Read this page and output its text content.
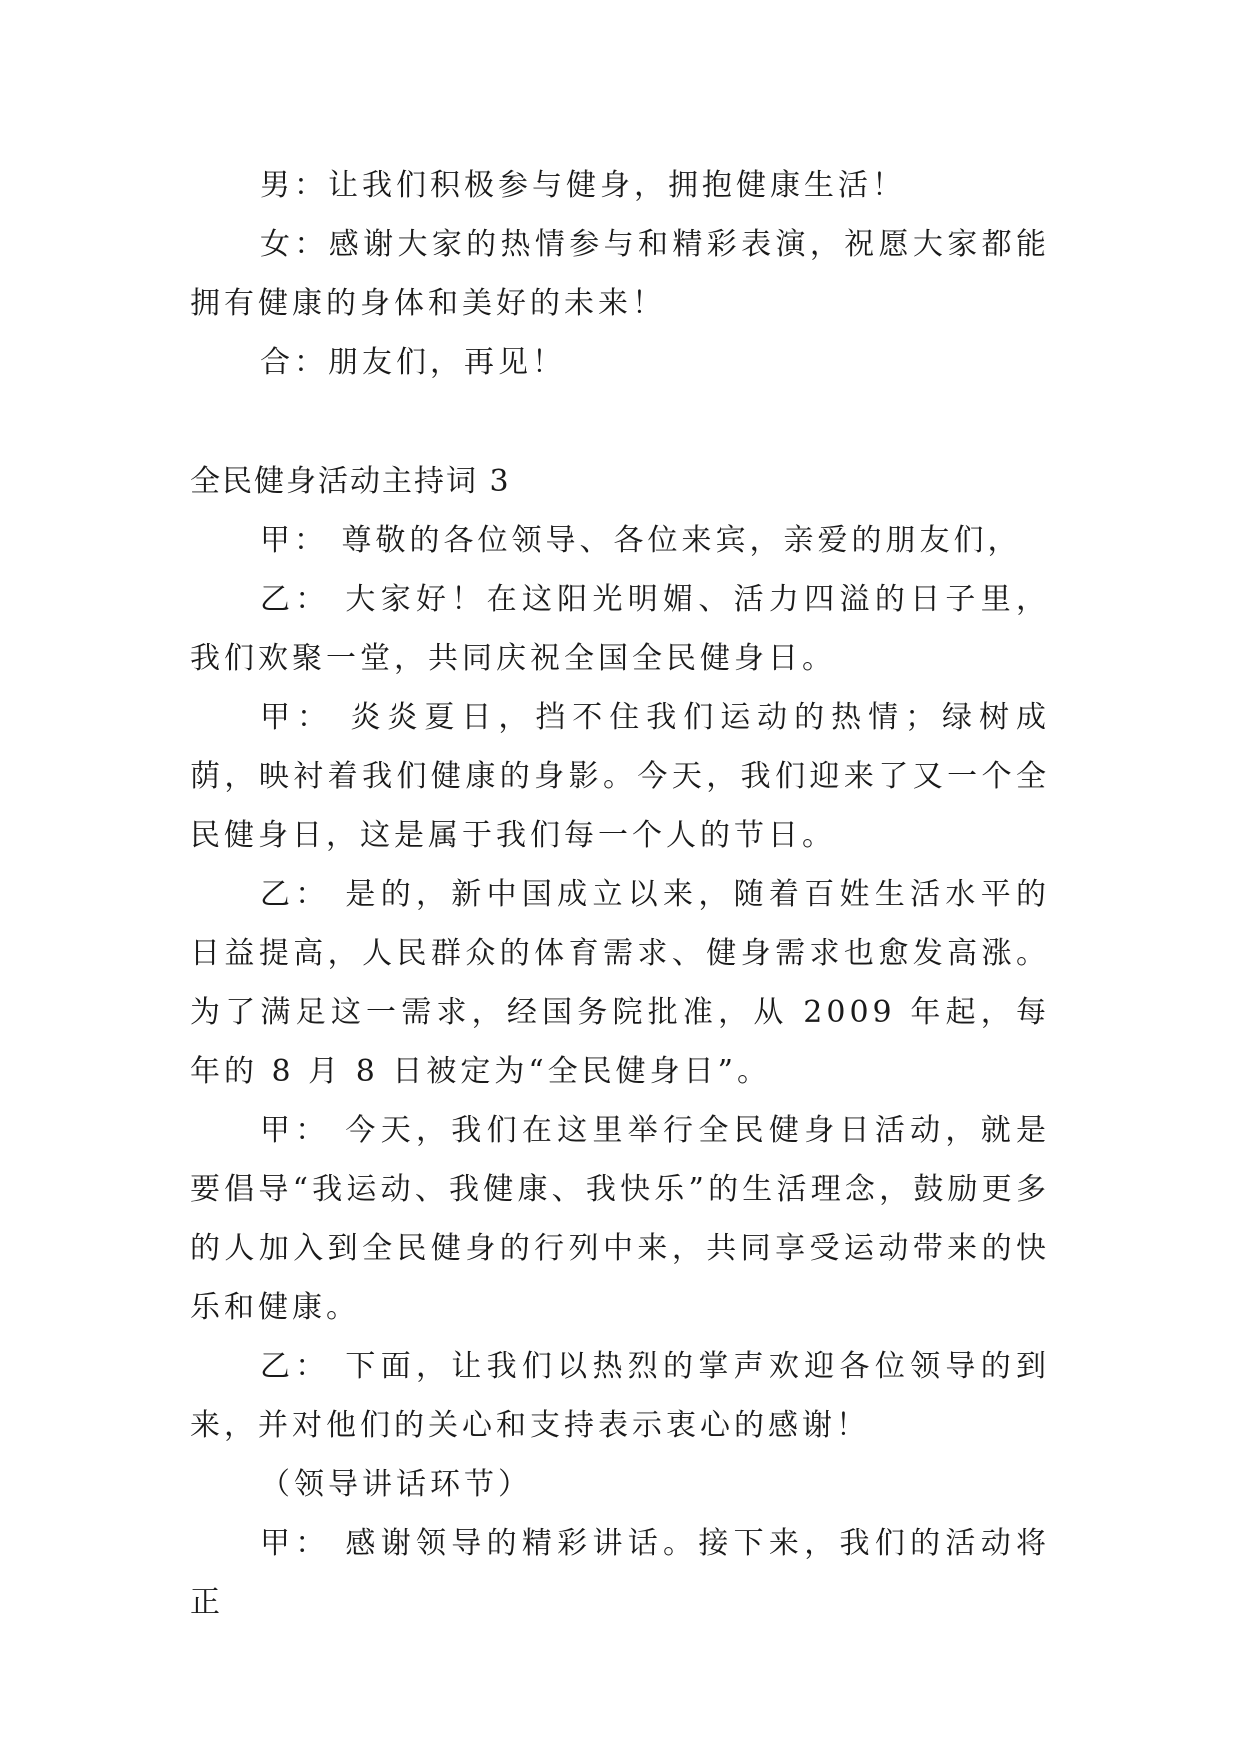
男：让我们积极参与健身，拥抱健康生活！

女：感谢大家的热情参与和精彩表演，祝愿大家都能拥有健康的身体和美好的未来！

合：朋友们，再见！

全民健身活动主持词 3

甲： 尊敬的各位领导、各位来宾，亲爱的朋友们，

乙： 大家好！在这阳光明媚、活力四溢的日子里，我们欢聚一堂，共同庆祝全国全民健身日。

甲： 炎炎夏日，挡不住我们运动的热情；绿树成荫，映衬着我们健康的身影。今天，我们迎来了又一个全民健身日，这是属于我们每一个人的节日。

乙： 是的，新中国成立以来，随着百姓生活水平的日益提高，人民群众的体育需求、健身需求也愈发高涨。为了满足这一需求，经国务院批准，从 2009 年起，每年的 8 月 8 日被定为“全民健身日”。

甲： 今天，我们在这里举行全民健身日活动，就是要倡导“我运动、我健康、我快乐”的生活理念，鼓励更多的人加入到全民健身的行列中来，共同享受运动带来的快乐和健康。

乙： 下面，让我们以热烈的掌声欢迎各位领导的到来，并对他们的关心和支持表示衷心的感谢！

（领导讲话环节）

甲： 感谢领导的精彩讲话。接下来，我们的活动将正
